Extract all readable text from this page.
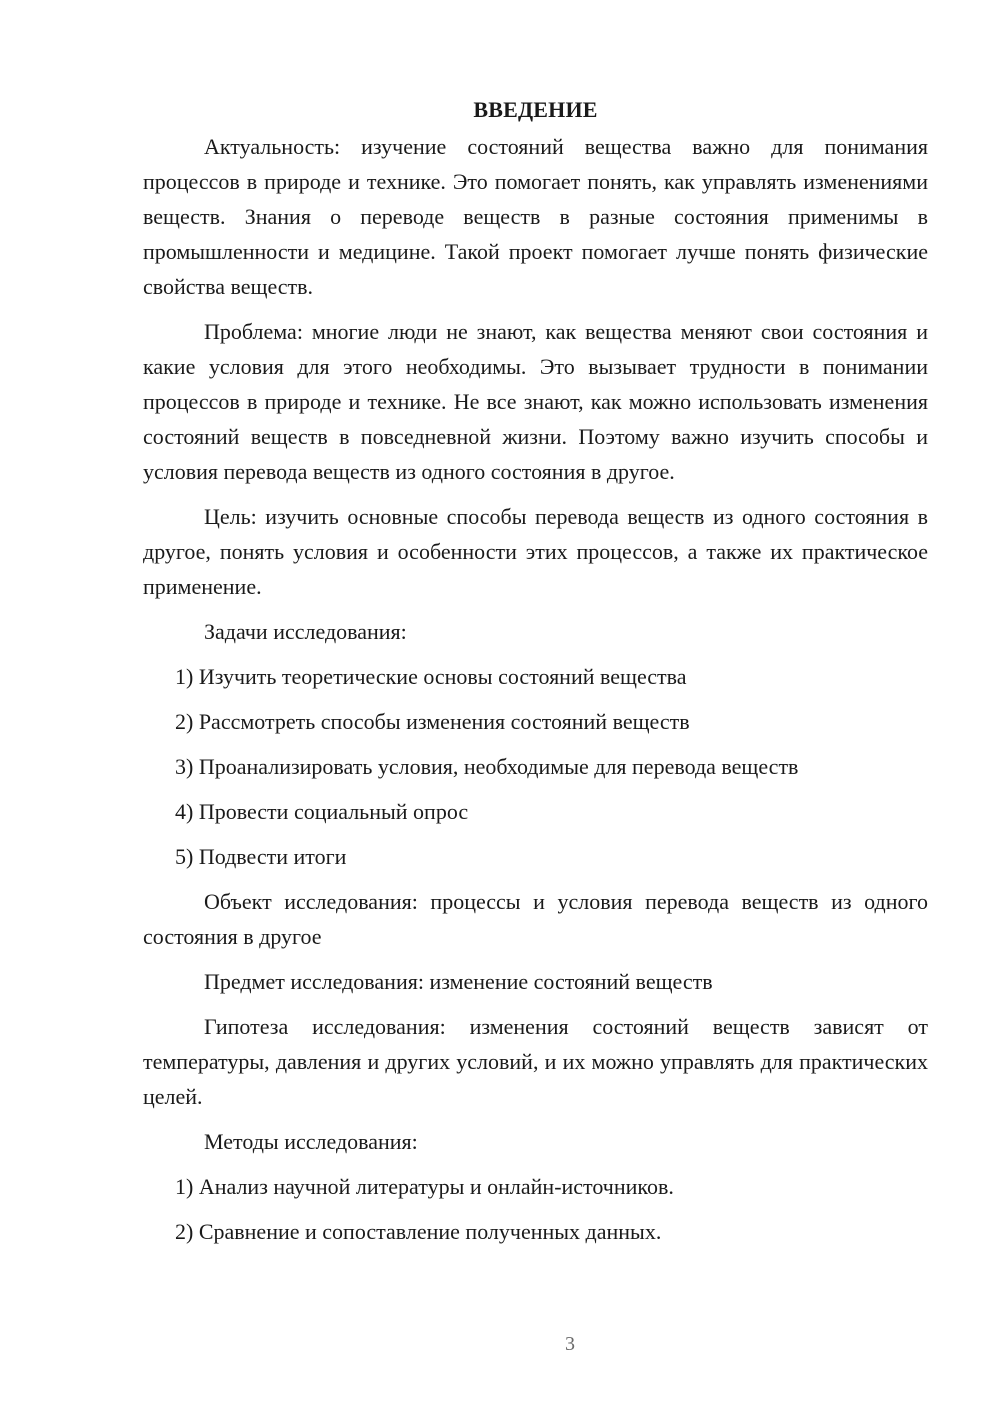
ВВЕДЕНИЕ

Актуальность: изучение состояний вещества важно для понимания процессов в природе и технике. Это помогает понять, как управлять изменениями веществ. Знания о переводе веществ в разные состояния применимы в промышленности и медицине. Такой проект помогает лучше понять физические свойства веществ.

Проблема: многие люди не знают, как вещества меняют свои состояния и какие условия для этого необходимы. Это вызывает трудности в понимании процессов в природе и технике. Не все знают, как можно использовать изменения состояний веществ в повседневной жизни. Поэтому важно изучить способы и условия перевода веществ из одного состояния в другое.

Цель: изучить основные способы перевода веществ из одного состояния в другое, понять условия и особенности этих процессов, а также их практическое применение.

Задачи исследования:

1) Изучить теоретические основы состояний вещества

2) Рассмотреть способы изменения состояний веществ

3) Проанализировать условия, необходимые для перевода веществ

4) Провести социальный опрос

5) Подвести итоги

Объект исследования: процессы и условия перевода веществ из одного состояния в другое

Предмет исследования: изменение состояний веществ

Гипотеза исследования: изменения состояний веществ зависят от температуры, давления и других условий, и их можно управлять для практических целей.

Методы исследования:

1) Анализ научной литературы и онлайн-источников.

2) Сравнение и сопоставление полученных данных.

3
